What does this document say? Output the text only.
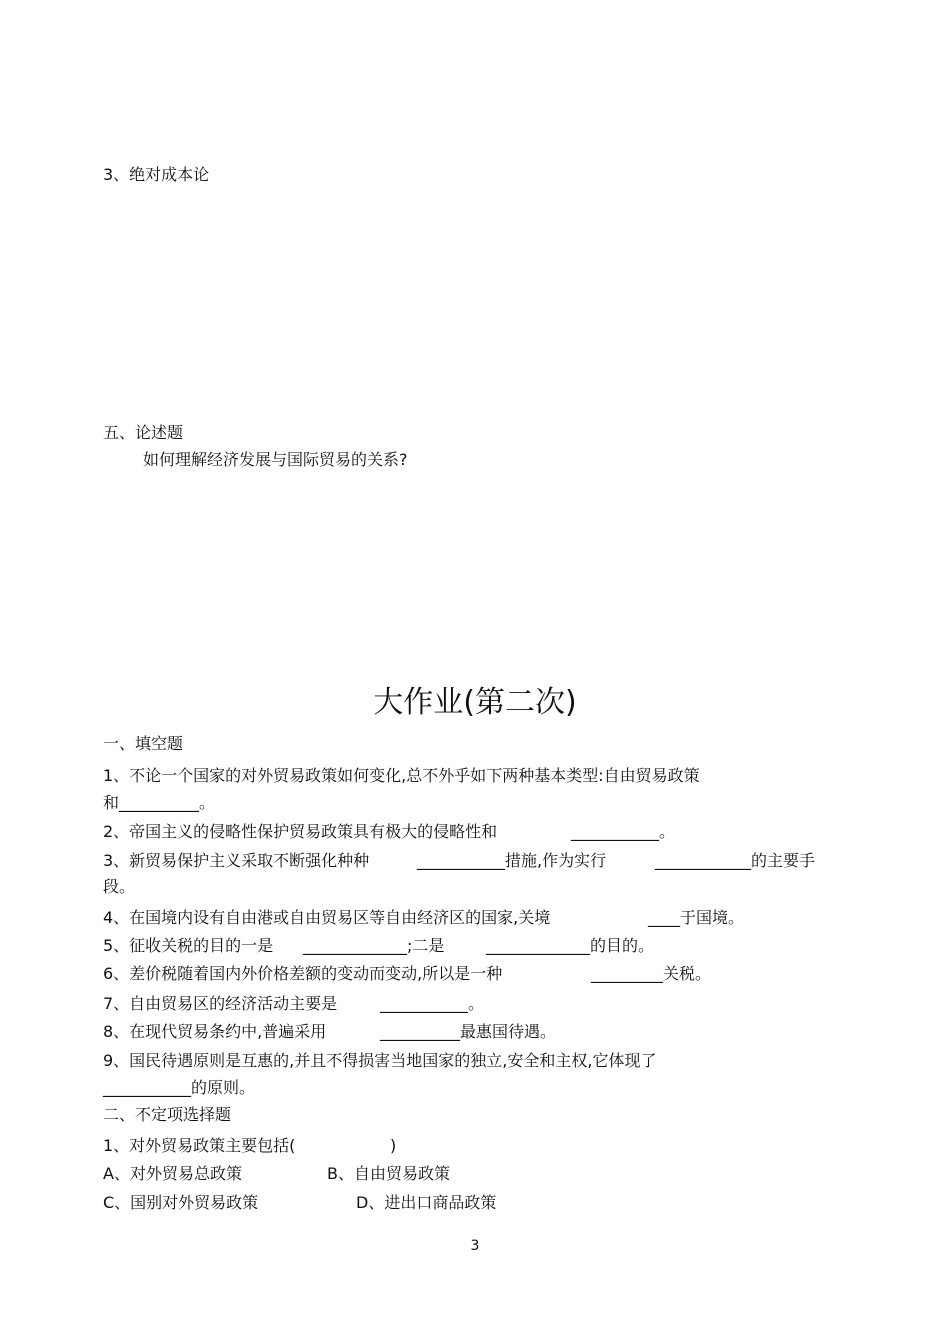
3、绝对成本论
五、论述题
如何理解经济发展与国际贸易的关系?
大作业(第二次)
一、填空题
1、不论一个国家的对外贸易政策如何变化,总不外乎如下两种基本类型:自由贸易政策
和__________。
2、帝国主义的侵略性保护贸易政策具有极大的侵略性和	___________。
3、新贸易保护主义采取不断强化种种	___________措施,作为实行	____________的主要手
段。
4、在国境内设有自由港或自由贸易区等自由经济区的国家,关境	____于国境。
5、征收关税的目的一是 _____________;二是	_____________的目的。
6、差价税随着国内外价格差额的变动而变动,所以是一种	_________关税。
7、自由贸易区的经济活动主要是	___________。
8、在现代贸易条约中,普遍采用	__________最惠国待遇。
9、国民待遇原则是互惠的,并且不得损害当地国家的独立,安全和主权,它体现了
___________的原则。
二、不定项选择题
1、对外贸易政策主要包括(	)
A、对外贸易总政策	B、自由贸易政策
C、国别对外贸易政策	D、进出口商品政策
3
